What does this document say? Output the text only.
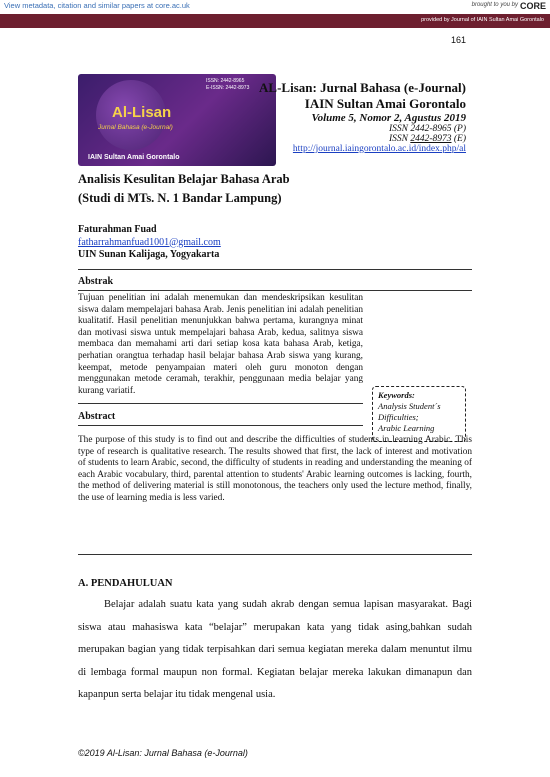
View metadata, citation and similar papers at core.ac.uk	brought to you by CORE
provided by Journal of IAIN Sultan Amai Gorontalo
161
ISSN: 2442-8965
E-ISSN: 2442-8973
Al-Lisan
Jurnal Bahasa (e-Journal)
IAIN Sultan Amai Gorontalo
AL-Lisan: Jurnal Bahasa (e-Journal)
IAIN Sultan Amai Gorontalo
Volume 5, Nomor 2, Agustus 2019
ISSN 2442-8965 (P)
ISSN 2442-8973 (E)
http://journal.iaingorontalo.ac.id/index.php/al
Analisis Kesulitan Belajar Bahasa Arab
(Studi di MTs. N. 1 Bandar Lampung)
Faturahman Fuad
fatharrahmanfuad1001@gmail.com
UIN Sunan Kalijaga, Yogyakarta
Abstrak
Tujuan penelitian ini adalah menemukan dan mendeskripsikan kesulitan siswa dalam mempelajari bahasa Arab. Jenis penelitian ini adalah penelitian kualitatif. Hasil penelitian menunjukkan bahwa pertama, kurangnya minat dan motivasi siswa untuk mempelajari bahasa Arab, kedua, salitnya siswa membaca dan memahami arti dari setiap kosa kata bahasa Arab, ketiga, perhatian orangtua terhadap hasil belajar bahasa Arab siswa yang kurang, keempat, metode penyampaian materi oleh guru monoton dengan menggunakan metode ceramah, terakhir, penggunaan media belajar yang kurang variatif.	Keywords:
Analysis Student´s
Difficulties;
Arabic Learning
Abstract
The purpose of this study is to find out and describe the difficulties of students in learning Arabic. This type of research is qualitative research. The results showed that first, the lack of interest and motivation of students to learn Arabic, second, the difficulty of students in reading and understanding the meaning of each Arabic vocabulary, third, parental attention to students' Arabic learning outcomes is lacking, fourth, the method of delivering material is still monotonous, the teachers only used the lecture method, finally, the use of learning media is less varied.
A. PENDAHULUAN
Belajar adalah suatu kata yang sudah akrab dengan semua lapisan masyarakat. Bagi siswa atau mahasiswa kata “belajar” merupakan kata yang tidak asing,bahkan sudah merupakan bagian yang tidak terpisahkan dari semua kegiatan mereka dalam menuntut ilmu di lembaga formal maupun non formal. Kegiatan belajar mereka lakukan dimanapun dan kapanpun serta belajar itu tidak mengenal usia.
©2019 Al-Lisan: Jurnal Bahasa (e-Journal)
